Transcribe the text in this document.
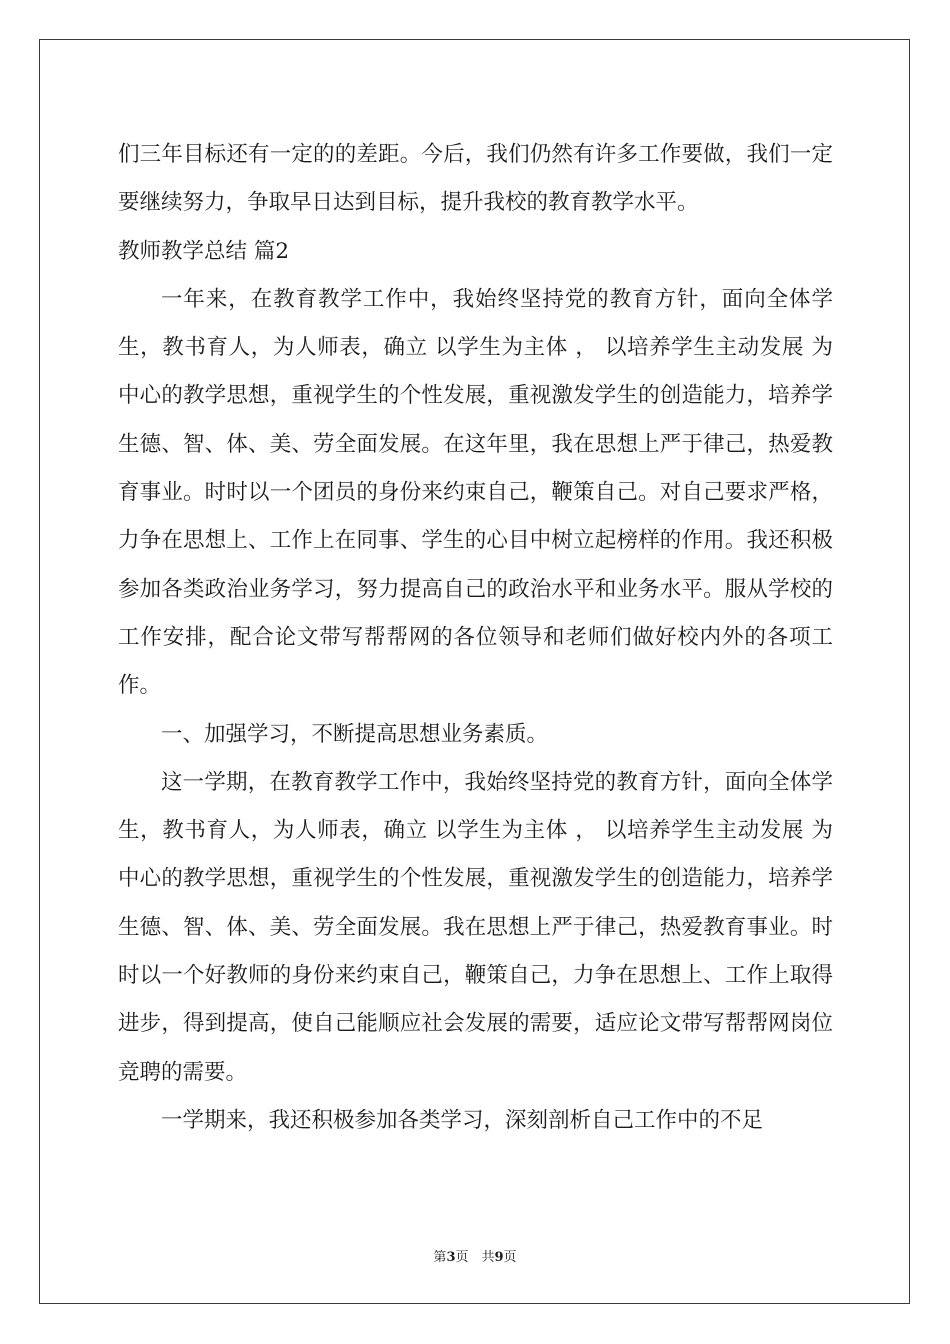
们三年目标还有一定的的差距。今后，我们仍然有许多工作要做，我们一定要继续努力，争取早日达到目标，提升我校的教育教学水平。

教师教学总结 篇2

一年来，在教育教学工作中，我始终坚持党的教育方针，面向全体学生，教书育人，为人师表，确立 以学生为主体 ， 以培养学生主动发展 为中心的教学思想，重视学生的个性发展，重视激发学生的创造能力，培养学生德、智、体、美、劳全面发展。在这年里，我在思想上严于律己，热爱教育事业。时时以一个团员的身份来约束自己，鞭策自己。对自己要求严格，力争在思想上、工作上在同事、学生的心目中树立起榜样的作用。我还积极参加各类政治业务学习，努力提高自己的政治水平和业务水平。服从学校的工作安排，配合论文带写帮帮网的各位领导和老师们做好校内外的各项工作。

一、加强学习，不断提高思想业务素质。

这一学期，在教育教学工作中，我始终坚持党的教育方针，面向全体学生，教书育人，为人师表，确立 以学生为主体 ， 以培养学生主动发展 为中心的教学思想，重视学生的个性发展，重视激发学生的创造能力，培养学生德、智、体、美、劳全面发展。我在思想上严于律己，热爱教育事业。时时以一个好教师的身份来约束自己，鞭策自己，力争在思想上、工作上取得进步，得到提高，使自己能顺应社会发展的需要，适应论文带写帮帮网岗位竞聘的需要。

一学期来，我还积极参加各类学习，深刻剖析自己工作中的不足

第3页　共9页
